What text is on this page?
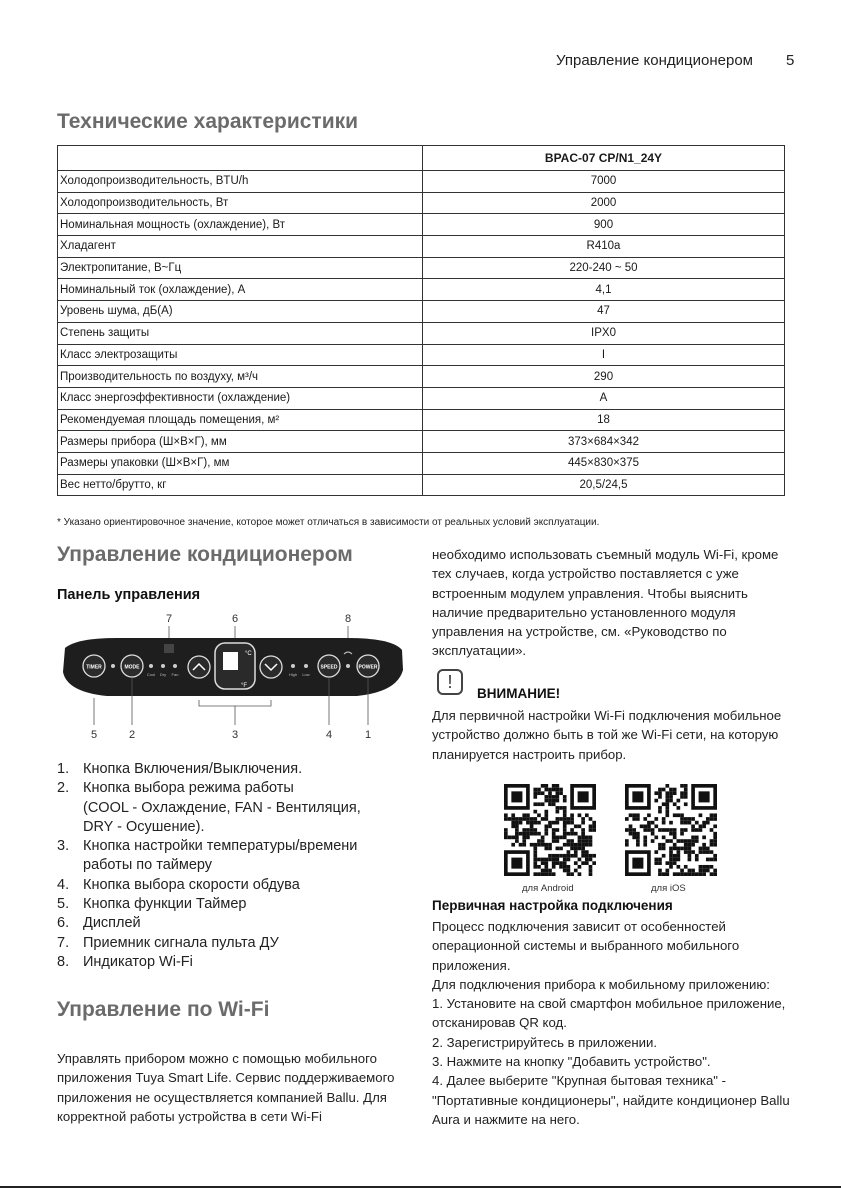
Управление кондиционером 5
Технические характеристики
	BPAC-07 CP/N1_24Y
Холодопроизводительность, BTU/h	7000
Холодопроизводительность, Вт	2000
Номинальная мощность (охлаждение), Вт	900
Хладагент	R410a
Электропитание, В~Гц	220-240 ~ 50
Номинальный ток (охлаждение), А	4,1
Уровень шума, дБ(А)	47
Степень защиты	IPX0
Класс электрозащиты	I
Производительность по воздуху, м³/ч	290
Класс энергоэффективности (охлаждение)	A
Рекомендуемая площадь помещения, м²	18
Размеры прибора (Ш×В×Г), мм	373×684×342
Размеры упаковки (Ш×В×Г), мм	445×830×375
Вес нетто/брутто, кг	20,5/24,5
* Указано ориентировочное значение, которое может отличаться в зависимости от реальных условий эксплуатации.
Управление кондиционером
Панель управления
7	6	8
TIMER	MODE
Cool Dry Fan
°C
°F
High Low
SPEED	POWER
5	2	3	4	1
1. Кнопка Включения/Выключения.
2. Кнопка выбора режима работы
(COOL - Охлаждение, FAN - Вентиляция,
DRY - Осушение).
3. Кнопка настройки температуры/времени
работы по таймеру
4. Кнопка выбора скорости обдува
5. Кнопка функции Таймер
6. Дисплей
7. Приемник сигнала пульта ДУ
8. Индикатор Wi-Fi
Управление по Wi-Fi
Управлять прибором можно с помощью мобильного приложения Tuya Smart Life. Сервис поддерживаемого приложения не осуществляется компанией Ballu. Для корректной работы устройства в сети Wi-Fi
необходимо использовать съемный модуль Wi-Fi, кроме тех случаев, когда устройство поставляется с уже встроенным модулем управления. Чтобы выяснить наличие предварительно установленного модуля управления на устройстве, см. «Руководство по эксплуатации».
!
ВНИМАНИЕ!
Для первичной настройки Wi-Fi подключения мобильное устройство должно быть в той же Wi-Fi сети, на которую планируется настроить прибор.
для Android	для iOS
Первичная настройка подключения
Процесс подключения зависит от особенностей операционной системы и выбранного мобильного приложения.
Для подключения прибора к мобильному приложению:
1. Установите на свой смартфон мобильное приложение, отсканировав QR код.
2. Зарегистрируйтесь в приложении.
3. Нажмите на кнопку "Добавить устройство".
4. Далее выберите "Крупная бытовая техника" - "Портативные кондиционеры", найдите кондиционер Ballu Aura и нажмите на него.
